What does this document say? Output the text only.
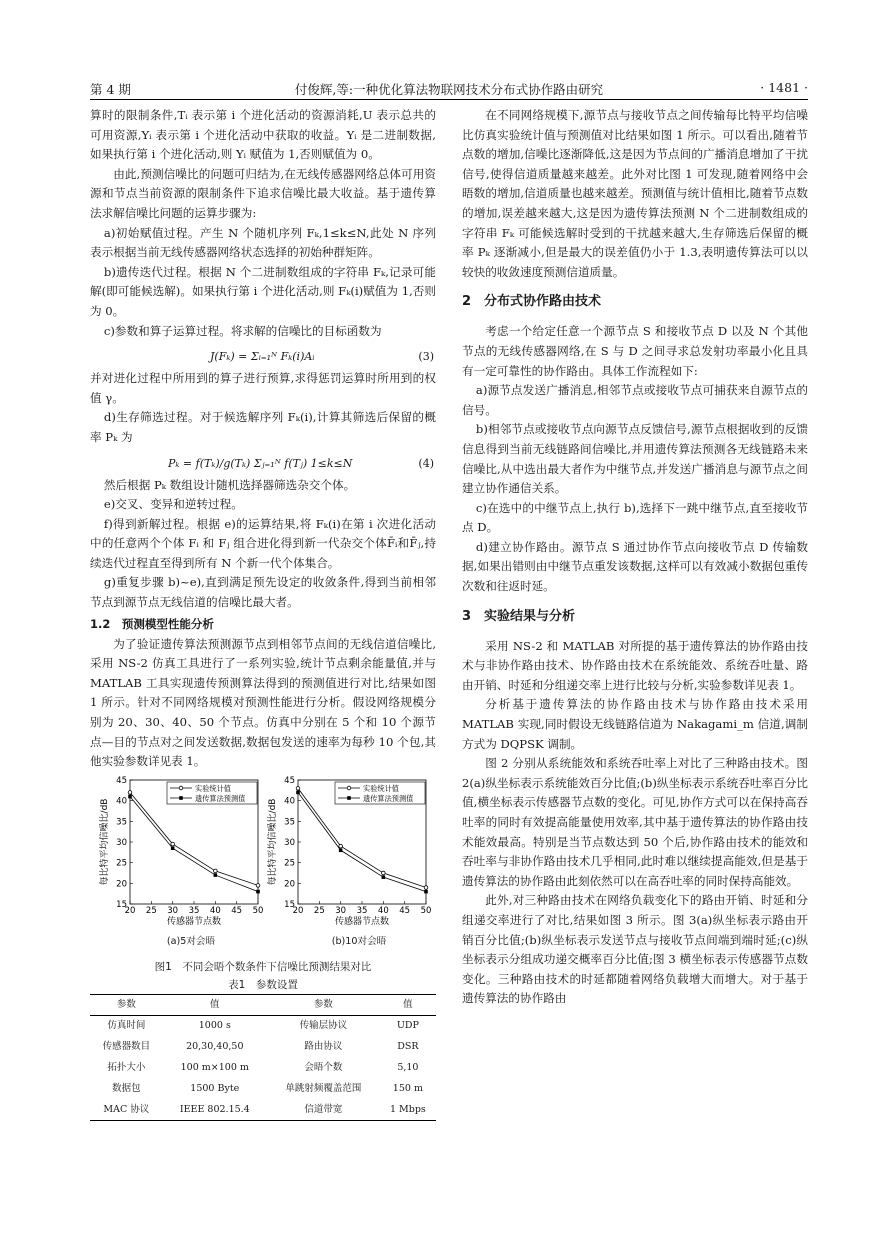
第 4 期	付俊辉,等:一种优化算法物联网技术分布式协作路由研究	· 1481 ·

算时的限制条件,Tᵢ 表示第 i 个进化活动的资源消耗,U 表示总共的可用资源,Yᵢ 表示第 i 个进化活动中获取的收益。Yᵢ 是二进制数据,如果执行第 i 个进化活动,则 Yᵢ 赋值为 1,否则赋值为 0。

由此,预测信噪比的问题可归结为,在无线传感器网络总体可用资源和节点当前资源的限制条件下追求信噪比最大收益。基于遗传算法求解信噪比问题的运算步骤为:

a)初始赋值过程。产生 N 个随机序列 Fₖ,1≤k≤N,此处 N 序列表示根据当前无线传感器网络状态选择的初始种群矩阵。

b)遗传迭代过程。根据 N 个二进制数组成的字符串 Fₖ,记录可能解(即可能候选解)。如果执行第 i 个进化活动,则 Fₖ(i)赋值为 1,否则为 0。

c)参数和算子运算过程。将求解的信噪比的目标函数为

J(Fₖ) = Σᵢ₌₁ᴺ Fₖ(i)Aᵢ	(3)

并对进化过程中所用到的算子进行预算,求得惩罚运算时所用到的权值 γ。

d)生存筛选过程。对于候选解序列 Fₖ(i),计算其筛选后保留的概率 Pₖ 为

Pₖ = f(Tₖ)/g(Tₖ) Σⱼ₌₁ᴺ f(Tⱼ) 1≤k≤N	(4)

然后根据 Pₖ 数组设计随机选择器筛选杂交个体。

e)交叉、变异和逆转过程。

f)得到新解过程。根据 e)的运算结果,将 Fₖ(i)在第 i 次进化活动中的任意两个个体 Fᵢ 和 Fⱼ 组合进化得到新一代杂交个体F̄ᵢ和F̄ⱼ,持续迭代过程直至得到所有 N 个新一代个体集合。

g)重复步骤 b)~e),直到满足预先设定的收敛条件,得到当前相邻节点到源节点无线信道的信噪比最大者。

1.2　预测模型性能分析

为了验证遗传算法预测源节点到相邻节点间的无线信道信噪比,采用 NS-2 仿真工具进行了一系列实验,统计节点剩余能量值,并与 MATLAB 工具实现遗传预测算法得到的预测值进行对比,结果如图 1 所示。针对不同网络规模对预测性能进行分析。假设网络规模分别为 20、30、40、50 个节点。仿真中分别在 5 个和 10 个源节点—目的节点对之间发送数据,数据包发送的速率为每秒 10 个包,其他实验参数详见表 1。

20 25 30 35 40 45 50
15
20
25
30
35
40
45
传感器节点数
每比特平均信噪比/dB
实验统计值
遗传算法预测值
(a)5对会晤
20 25 30 35 40 45 50
15
20
25
30
35
40
45
传感器节点数
每比特平均信噪比/dB
实验统计值
遗传算法预测值
(b)10对会晤
图1　不同会晤个数条件下信噪比预测结果对比
表1　参数设置
参数	值	参数	值
仿真时间	1000 s	传输层协议	UDP
传感器数目	20,30,40,50	路由协议	DSR
拓扑大小	100 m×100 m	会晤个数	5,10
数据包	1500 Byte	单跳射频覆盖范围	150 m
MAC 协议	IEEE 802.15.4	信道带宽	1 Mbps

在不同网络规模下,源节点与接收节点之间传输每比特平均信噪比仿真实验统计值与预测值对比结果如图 1 所示。可以看出,随着节点数的增加,信噪比逐渐降低,这是因为节点间的广播消息增加了干扰信号,使得信道质量越来越差。此外对比图 1 可发现,随着网络中会晤数的增加,信道质量也越来越差。预测值与统计值相比,随着节点数的增加,误差越来越大,这是因为遗传算法预测 N 个二进制数组成的字符串 Fₖ 可能候选解时受到的干扰越来越大,生存筛选后保留的概率 Pₖ 逐渐减小,但是最大的误差值仍小于 1.3,表明遗传算法可以以较快的收敛速度预测信道质量。

2　分布式协作路由技术

考虑一个给定任意一个源节点 S 和接收节点 D 以及 N 个其他节点的无线传感器网络,在 S 与 D 之间寻求总发射功率最小化且具有一定可靠性的协作路由。具体工作流程如下:

a)源节点发送广播消息,相邻节点或接收节点可捕获来自源节点的信号。

b)相邻节点或接收节点向源节点反馈信号,源节点根据收到的反馈信息得到当前无线链路间信噪比,并用遗传算法预测各无线链路未来信噪比,从中选出最大者作为中继节点,并发送广播消息与源节点之间建立协作通信关系。

c)在选中的中继节点上,执行 b),选择下一跳中继节点,直至接收节点 D。

d)建立协作路由。源节点 S 通过协作节点向接收节点 D 传输数据,如果出错则由中继节点重发该数据,这样可以有效减小数据包重传次数和往返时延。

3　实验结果与分析

采用 NS-2 和 MATLAB 对所提的基于遗传算法的协作路由技术与非协作路由技术、协作路由技术在系统能效、系统吞吐量、路由开销、时延和分组递交率上进行比较与分析,实验参数详见表 1。

分析基于遗传算法的协作路由技术与协作路由技术采用 MATLAB 实现,同时假设无线链路信道为 Nakagami_m 信道,调制方式为 DQPSK 调制。

图 2 分别从系统能效和系统吞吐率上对比了三种路由技术。图 2(a)纵坐标表示系统能效百分比值;(b)纵坐标表示系统吞吐率百分比值,横坐标表示传感器节点数的变化。可见,协作方式可以在保持高吞吐率的同时有效提高能量使用效率,其中基于遗传算法的协作路由技术能效最高。特别是当节点数达到 50 个后,协作路由技术的能效和吞吐率与非协作路由技术几乎相同,此时难以继续提高能效,但是基于遗传算法的协作路由此刻依然可以在高吞吐率的同时保持高能效。

此外,对三种路由技术在网络负载变化下的路由开销、时延和分组递交率进行了对比,结果如图 3 所示。图 3(a)纵坐标表示路由开销百分比值;(b)纵坐标表示发送节点与接收节点间端到端时延;(c)纵坐标表示分组成功递交概率百分比值;图 3 横坐标表示传感器节点数变化。三种路由技术的时延都随着网络负载增大而增大。对于基于遗传算法的协作路由
